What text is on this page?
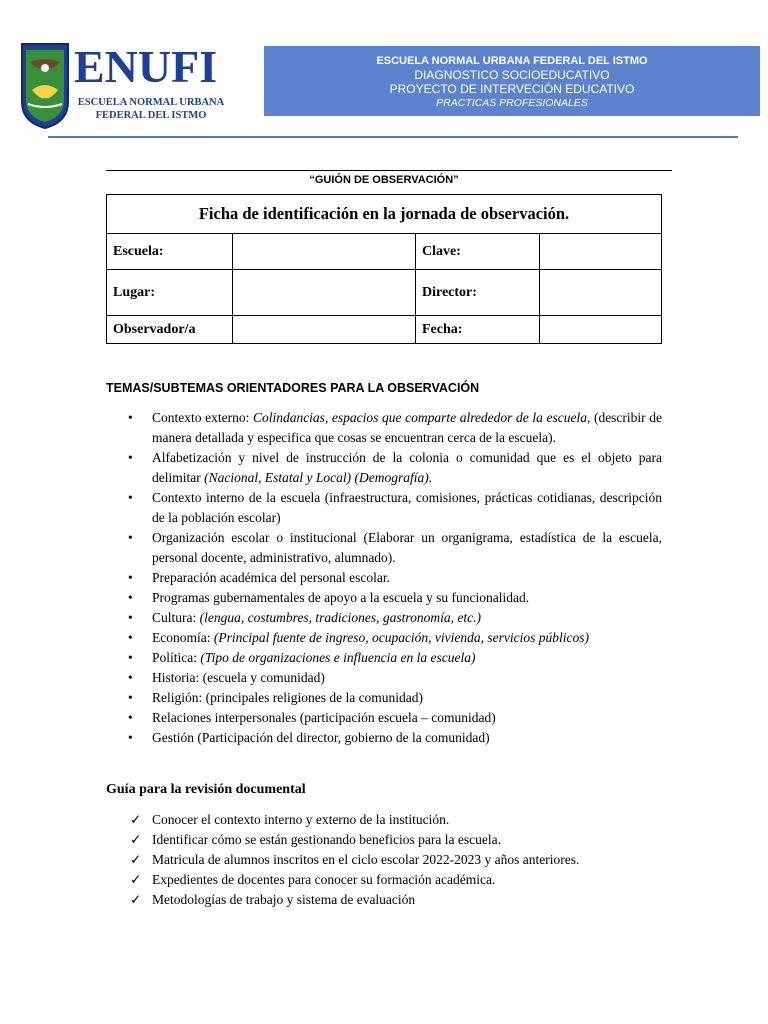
ENUFI
ESCUELA NORMAL URBANA
FEDERAL DEL ISTMO
ESCUELA NORMAL URBANA FEDERAL DEL ISTMO
DIAGNOSTICO SOCIOEDUCATIVO
PROYECTO DE INTERVECIÓN EDUCATIVO
PRACTICAS PROFESIONALES
“GUIÓN DE OBSERVACIÓN”
Ficha de identificación en la jornada de observación.			
Escuela:		Clave:	
Lugar:		Director:	
Observador/a		Fecha:	
TEMAS/SUBTEMAS ORIENTADORES PARA LA OBSERVACIÓN
• Contexto externo: Colindancias, espacios que comparte alrededor de la escuela, (describir de manera detallada y especifica que cosas se encuentran cerca de la escuela).
• Alfabetización y nivel de instrucción de la colonia o comunidad que es el objeto para delimitar (Nacional, Estatal y Local) (Demografía).
• Contexto interno de la escuela (infraestructura, comisiones, prácticas cotidianas, descripción de la población escolar)
• Organización escolar o institucional (Elaborar un organigrama, estadística de la escuela, personal docente, administrativo, alumnado).
• Preparación académica del personal escolar.
• Programas gubernamentales de apoyo a la escuela y su funcionalidad.
• Cultura: (lengua, costumbres, tradiciones, gastronomía, etc.)
• Economía: (Principal fuente de ingreso, ocupación, vivienda, servicios públicos)
• Política: (Tipo de organizaciones e influencia en la escuela)
• Historia: (escuela y comunidad)
• Religión: (principales religiones de la comunidad)
• Relaciones interpersonales (participación escuela – comunidad)
• Gestión (Participación del director, gobierno de la comunidad)
Guía para la revisión documental
✓ Conocer el contexto interno y externo de la institución.
✓ Identificar cómo se están gestionando beneficios para la escuela.
✓ Matricula de alumnos inscritos en el ciclo escolar 2022-2023 y años anteriores.
✓ Expedientes de docentes para conocer su formación académica.
✓ Metodologías de trabajo y sistema de evaluación
